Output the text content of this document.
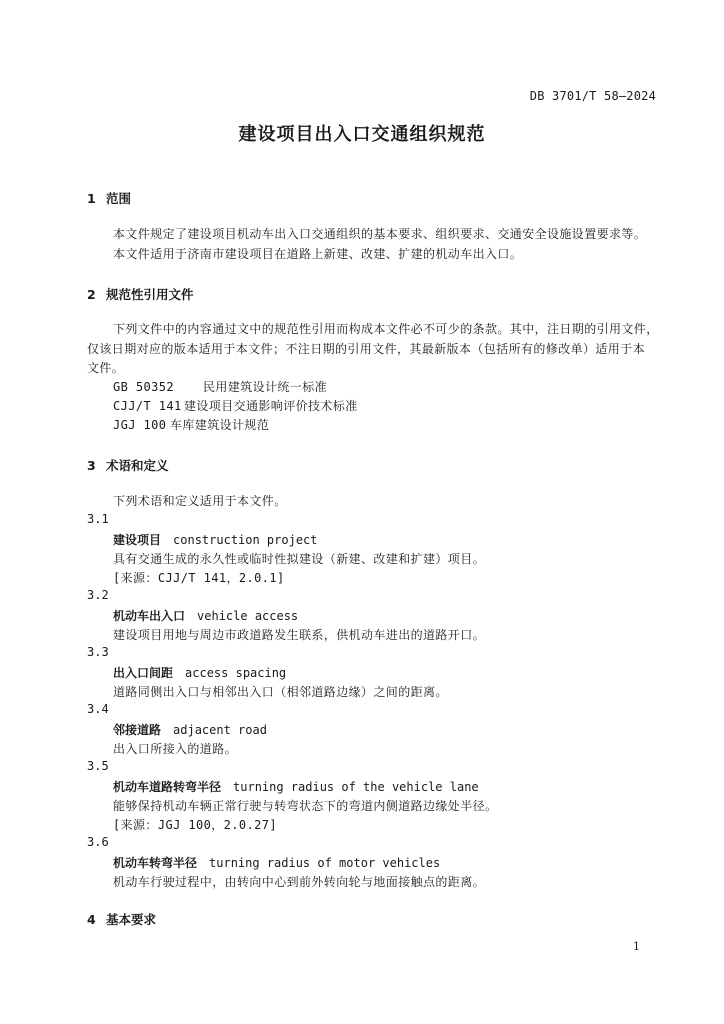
DB 3701/T 58—2024
建设项目出入口交通组织规范
1 范围
本文件规定了建设项目机动车出入口交通组织的基本要求、组织要求、交通安全设施设置要求等。
本文件适用于济南市建设项目在道路上新建、改建、扩建的机动车出入口。
2 规范性引用文件
下列文件中的内容通过文中的规范性引用而构成本文件必不可少的条款。其中，注日期的引用文件，
仅该日期对应的版本适用于本文件；不注日期的引用文件，其最新版本（包括所有的修改单）适用于本
文件。
GB 50352 民用建筑设计统一标准
CJJ/T 141 建设项目交通影响评价技术标准
JGJ 100 车库建筑设计规范
3 术语和定义
下列术语和定义适用于本文件。
3.1
建设项目 construction project
具有交通生成的永久性或临时性拟建设（新建、改建和扩建）项目。
[来源：CJJ/T 141，2.0.1]
3.2
机动车出入口 vehicle access
建设项目用地与周边市政道路发生联系，供机动车进出的道路开口。
3.3
出入口间距 access spacing
道路同侧出入口与相邻出入口（相邻道路边缘）之间的距离。
3.4
邻接道路 adjacent road
出入口所接入的道路。
3.5
机动车道路转弯半径 turning radius of the vehicle lane
能够保持机动车辆正常行驶与转弯状态下的弯道内侧道路边缘处半径。
[来源：JGJ 100，2.0.27]
3.6
机动车转弯半径 turning radius of motor vehicles
机动车行驶过程中，由转向中心到前外转向轮与地面接触点的距离。
4 基本要求
1
